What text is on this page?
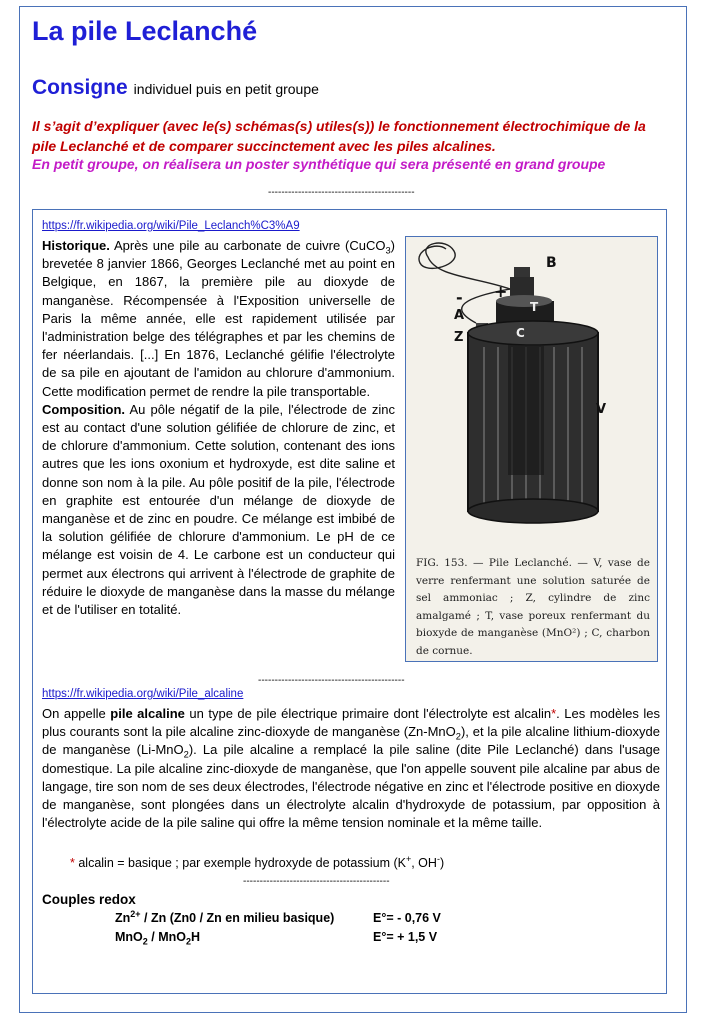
La pile Leclanché
Consigne individuel puis en petit groupe
Il s’agit d’expliquer (avec le(s) schémas(s) utiles(s)) le fonctionnement électrochimique de la pile Leclanché et de comparer succinctement avec les piles alcalines.
En petit groupe, on réalisera un poster synthétique qui sera présenté en grand groupe
--------------------------------------------
https://fr.wikipedia.org/wiki/Pile_Leclanch%C3%A9
Historique. Après une pile au carbonate de cuivre (CuCO$_3$) brevetée 8 janvier 1866, Georges Leclanché met au point en Belgique, en 1867, la première pile au dioxyde de manganèse. Récompensée à l'Exposition universelle de Paris la même année, elle est rapidement utilisée par l'administration belge des télégraphes et par les chemins de fer néerlandais. [...] En 1876, Leclanché gélifie l'électrolyte de sa pile en ajoutant de l'amidon au chlorure d'ammonium. Cette modification permet de rendre la pile transportable.
Composition. Au pôle négatif de la pile, l'électrode de zinc est au contact d'une solution gélifiée de chlorure de zinc, et de chlorure d'ammonium. Cette solution, contenant des ions autres que les ions oxonium et hydroxyde, est dite saline et donne son nom à la pile. Au pôle positif de la pile, l'électrode en graphite est entourée d'un mélange de dioxyde de manganèse et de zinc en poudre. Ce mélange est imbibé de la solution gélifiée de chlorure d'ammonium. Le pH de ce mélange est voisin de 4. Le carbone est un conducteur qui permet aux électrons qui arrivent à l'électrode de graphite de réduire le dioxyde de manganèse dans la masse du mélange et de l'utiliser en totalité.
B
+
-
A
Z
T
C
V
FIG. 153. — Pile Leclanché. — V, vase de verre renfermant une solution saturée de sel ammoniac ; Z, cylindre de zinc amalgamé ; T, vase poreux renfermant du bioxyde de manganèse (MnO²) ; C, charbon de cornue.
--------------------------------------------
https://fr.wikipedia.org/wiki/Pile_alcaline
On appelle pile alcaline un type de pile électrique primaire dont l'électrolyte est alcalin*. Les modèles les plus courants sont la pile alcaline zinc-dioxyde de manganèse (Zn-MnO$_2$), et la pile alcaline lithium-dioxyde de manganèse (Li-MnO$_2$). La pile alcaline a remplacé la pile saline (dite Pile Leclanché) dans l'usage domestique. La pile alcaline zinc-dioxyde de manganèse, que l'on appelle souvent pile alcaline par abus de langage, tire son nom de ses deux électrodes, l'électrode négative en zinc et l'électrode positive en dioxyde de manganèse, sont plongées dans un électrolyte alcalin d'hydroxyde de potassium, par opposition à l'électrolyte acide de la pile saline qui offre la même tension nominale et la même taille.
* alcalin = basique ; par exemple hydroxyde de potassium (K+, OH-)
--------------------------------------------
Couples redox
$Zn^{2+}$ / Zn (Zn0 / Zn en milieu basique)	E°= - 0,76 V
MnO$_2$ / MnO$_2$H	E°= + 1,5 V
